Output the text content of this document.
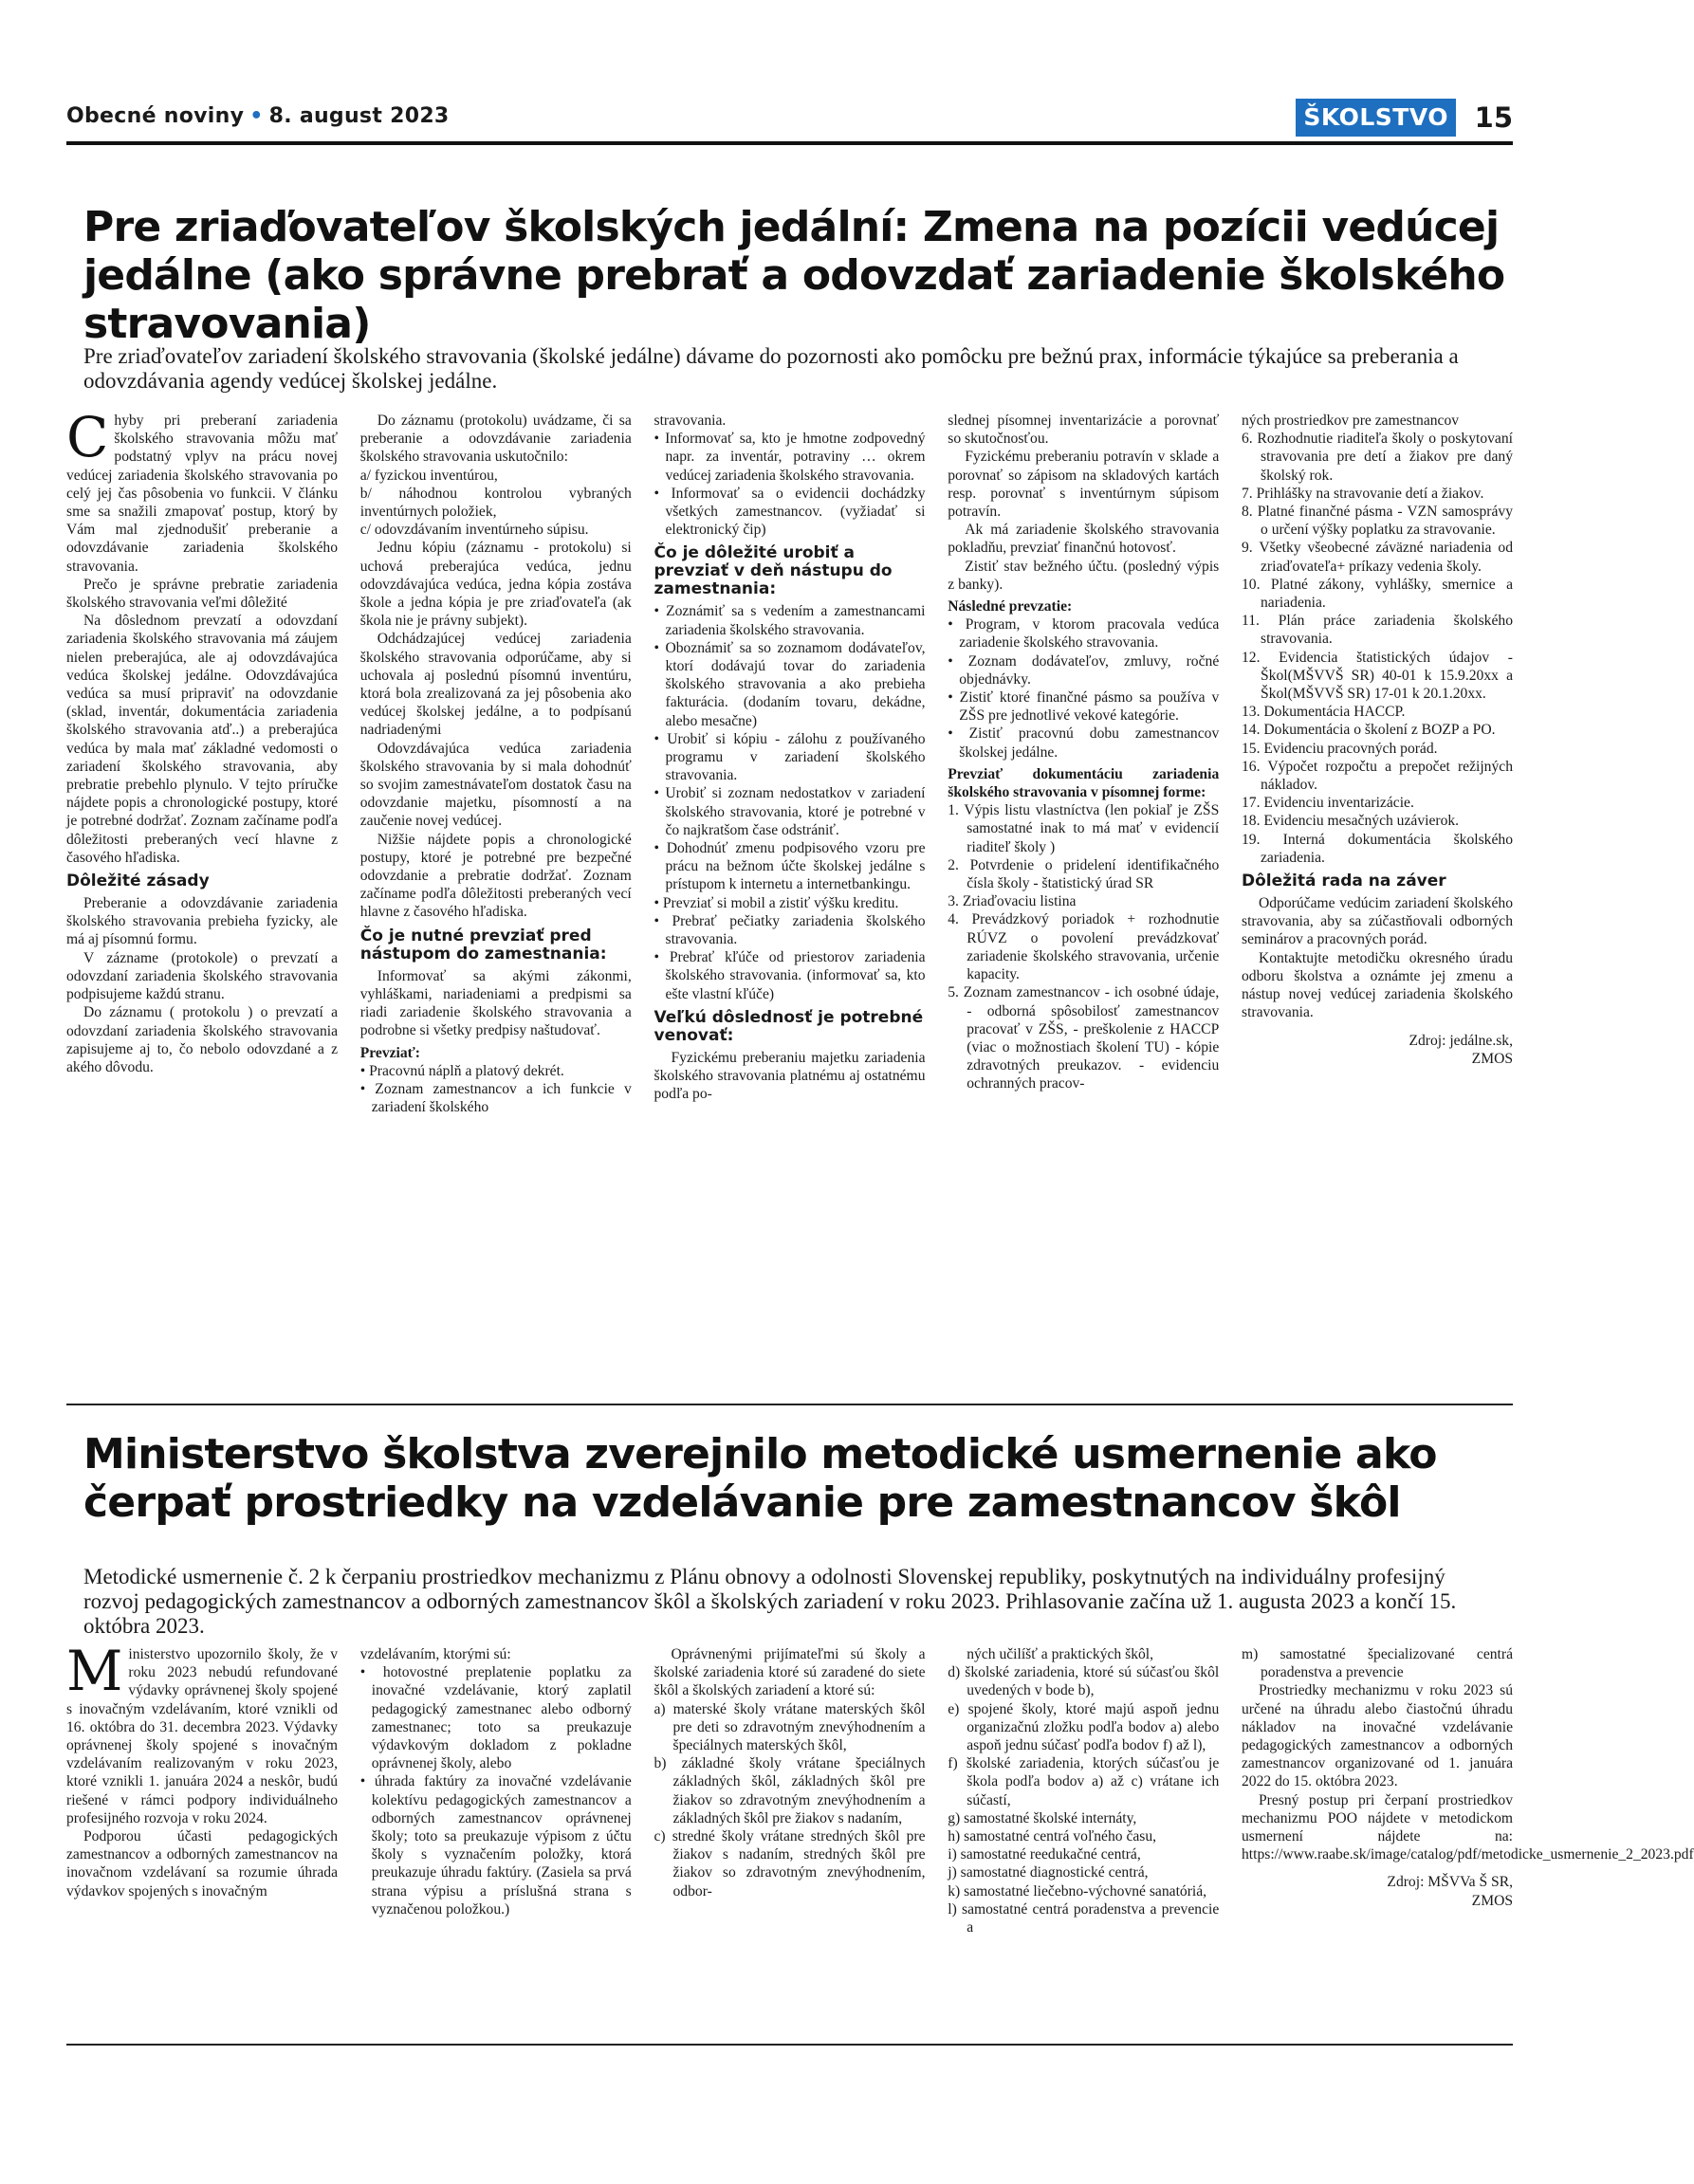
Obecné noviny • 8. august 2023	ŠKOLSTVO 15
Pre zriaďovateľov školských jedální: Zmena na pozícii vedúcej jedálne (ako správne prebrať a odovzdať zariadenie školského stravovania)

Pre zriaďovateľov zariadení školského stravovania (školské jedálne) dávame do pozornosti ako pomôcku pre bežnú prax, informácie týkajúce sa preberania a odovzdávania agendy vedúcej školskej jedálne.

Chyby pri preberaní zariadenia školského stravovania môžu mať podstatný vplyv na prácu novej vedúcej zariadenia školského stravovania po celý jej čas pôsobenia vo funkcii. V článku sme sa snažili zmapovať postup, ktorý by Vám mal zjednodušiť preberanie a odovzdávanie zariadenia školského stravovania.

Prečo je správne prebratie zariadenia školského stravovania veľmi dôležité

Na dôslednom prevzatí a odovzdaní zariadenia školského stravovania má záujem nielen preberajúca, ale aj odovzdávajúca vedúca školskej jedálne. Odovzdávajúca vedúca sa musí pripraviť na odovzdanie (sklad, inventár, dokumentácia zariadenia školského stravovania atď..) a preberajúca vedúca by mala mať základné vedomosti o zariadení školského stravovania, aby prebratie prebehlo plynulo. V tejto príručke nájdete popis a chronologické postupy, ktoré je potrebné dodržať. Zoznam začíname podľa dôležitosti preberaných vecí hlavne z časového hľadiska.

Dôležité zásady

Preberanie a odovzdávanie zariadenia školského stravovania prebieha fyzicky, ale má aj písomnú formu.

V zázname (protokole) o prevzatí a odovzdaní zariadenia školského stravovania podpisujeme každú stranu.

Do záznamu ( protokolu ) o prevzatí a odovzdaní zariadenia školského stravovania zapisujeme aj to, čo nebolo odovzdané a z akého dôvodu.

Do záznamu (protokolu) uvádzame, či sa preberanie a odovzdávanie zariadenia školského stravovania uskutočnilo:

a/ fyzickou inventúrou,

b/ náhodnou kontrolou vybraných inventúrnych položiek,

c/ odovzdávaním inventúrneho súpisu.

Jednu kópiu (záznamu - protokolu) si uchová preberajúca vedúca, jednu odovzdávajúca vedúca, jedna kópia zostáva škole a jedna kópia je pre zriaďovateľa (ak škola nie je právny subjekt).

Odchádzajúcej vedúcej zariadenia školského stravovania odporúčame, aby si uchovala aj poslednú písomnú inventúru, ktorá bola zrealizovaná za jej pôsobenia ako vedúcej školskej jedálne, a to podpísanú nadriadenými

Odovzdávajúca vedúca zariadenia školského stravovania by si mala dohodnúť so svojim zamestnávateľom dostatok času na odovzdanie majetku, písomností a na zaučenie novej vedúcej.

Nižšie nájdete popis a chronologické postupy, ktoré je potrebné pre bezpečné odovzdanie a prebratie dodržať. Zoznam začíname podľa dôležitosti preberaných vecí hlavne z časového hľadiska.

Čo je nutné prevziať pred nástupom do zamestnania:

Informovať sa akými zákonmi, vyhláškami, nariadeniami a predpismi sa riadi zariadenie školského stravovania a podrobne si všetky predpisy naštudovať.

Prevziať:

• Pracovnú náplň a platový dekrét.

• Zoznam zamestnancov a ich funkcie v zariadení školského

stravovania.

• Informovať sa, kto je hmotne zodpovedný napr. za inventár, potraviny … okrem vedúcej zariadenia školského stravovania.

• Informovať sa o evidencii dochádzky všetkých zamestnancov. (vyžiadať si elektronický čip)

Čo je dôležité urobiť a prevziať v deň nástupu do zamestnania:

• Zoznámiť sa s vedením a zamestnancami zariadenia školského stravovania.

• Oboznámiť sa so zoznamom dodávateľov, ktorí dodávajú tovar do zariadenia školského stravovania a ako prebieha fakturácia. (dodaním tovaru, dekádne, alebo mesačne)

• Urobiť si kópiu - zálohu z používaného programu v zariadení školského stravovania.

• Urobiť si zoznam nedostatkov v zariadení školského stravovania, ktoré je potrebné v čo najkratšom čase odstrániť.

• Dohodnúť zmenu podpisového vzoru pre prácu na bežnom účte školskej jedálne s prístupom k internetu a internetbankingu.

• Prevziať si mobil a zistiť výšku kreditu.

• Prebrať pečiatky zariadenia školského stravovania.

• Prebrať kľúče od priestorov zariadenia školského stravovania. (informovať sa, kto ešte vlastní kľúče)

Veľkú dôslednosť je potrebné venovať:

Fyzickému preberaniu majetku zariadenia školského stravovania platnému aj ostatnému podľa po-

slednej písomnej inventarizácie a porovnať so skutočnosťou.

Fyzickému preberaniu potravín v sklade a porovnať so zápisom na skladových kartách resp. porovnať s inventúrnym súpisom potravín.

Ak má zariadenie školského stravovania pokladňu, prevziať finančnú hotovosť.

Zistiť stav bežného účtu. (posledný výpis z banky).

Následné prevzatie:

• Program, v ktorom pracovala vedúca zariadenie školského stravovania.

• Zoznam dodávateľov, zmluvy, ročné objednávky.

• Zistiť ktoré finančné pásmo sa používa v ZŠS pre jednotlivé vekové kategórie.

• Zistiť pracovnú dobu zamestnancov školskej jedálne.

Prevziať dokumentáciu zariadenia školského stravovania v písomnej forme:

1. Výpis listu vlastníctva (len pokiaľ je ZŠS samostatné inak to má mať v evidencií riaditeľ školy )

2. Potvrdenie o pridelení identifikačného čísla školy - štatistický úrad SR

3. Zriaďovaciu listina

4. Prevádzkový poriadok + rozhodnutie RÚVZ o povolení prevádzkovať zariadenie školského stravovania, určenie kapacity.

5. Zoznam zamestnancov - ich osobné údaje, - odborná spôsobilosť zamestnancov pracovať v ZŠS, - preškolenie z HACCP (viac o možnostiach školení TU) - kópie zdravotných preukazov. - evidenciu ochranných pracov-

ných prostriedkov pre zamestnancov

6. Rozhodnutie riaditeľa školy o poskytovaní stravovania pre detí a žiakov pre daný školský rok.

7. Prihlášky na stravovanie detí a žiakov.

8. Platné finančné pásma - VZN samosprávy o určení výšky poplatku za stravovanie.

9. Všetky všeobecné záväzné nariadenia od zriaďovateľa+ príkazy vedenia školy.

10. Platné zákony, vyhlášky, smernice a nariadenia.

11. Plán práce zariadenia školského stravovania.

12. Evidencia štatistických údajov - Škol(MŠVVŠ SR) 40-01 k 15.9.20xx a Škol(MŠVVŠ SR) 17-01 k 20.1.20xx.

13. Dokumentácia HACCP.

14. Dokumentácia o školení z BOZP a PO.

15. Evidenciu pracovných porád.

16. Výpočet rozpočtu a prepočet režijných nákladov.

17. Evidenciu inventarizácie.

18. Evidenciu mesačných uzávierok.

19. Interná dokumentácia školského zariadenia.

Dôležitá rada na záver

Odporúčame vedúcim zariadení školského stravovania, aby sa zúčastňovali odborných seminárov a pracovných porád.

Kontaktujte metodičku okresného úradu odboru školstva a oznámte jej zmenu a nástup novej vedúcej zariadenia školského stravovania.

Zdroj: jedálne.sk,

ZMOS

Ministerstvo školstva zverejnilo metodické usmernenie ako čerpať prostriedky na vzdelávanie pre zamestnancov škôl

Metodické usmernenie č. 2 k čerpaniu prostriedkov mechanizmu z Plánu obnovy a odolnosti Slovenskej republiky, poskytnutých na individuálny profesijný rozvoj pedagogických zamestnancov a odborných zamestnancov škôl a školských zariadení v roku 2023. Prihlasovanie začína už 1. augusta 2023 a končí 15. októbra 2023.

Ministerstvo upozornilo školy, že v roku 2023 nebudú refundované výdavky oprávnenej školy spojené s inovačným vzdelávaním, ktoré vznikli od 16. októbra do 31. decembra 2023. Výdavky oprávnenej školy spojené s inovačným vzdelávaním realizovaným v roku 2023, ktoré vznikli 1. januára 2024 a neskôr, budú riešené v rámci podpory individuálneho profesijného rozvoja v roku 2024.

Podporou účasti pedagogických zamestnancov a odborných zamestnancov na inovačnom vzdelávaní sa rozumie úhrada výdavkov spojených s inovačným

vzdelávaním, ktorými sú:

• hotovostné preplatenie poplatku za inovačné vzdelávanie, ktorý zaplatil pedagogický zamestnanec alebo odborný zamestnanec; toto sa preukazuje výdavkovým dokladom z pokladne oprávnenej školy, alebo

• úhrada faktúry za inovačné vzdelávanie kolektívu pedagogických zamestnancov a odborných zamestnancov oprávnenej školy; toto sa preukazuje výpisom z účtu školy s vyznačením položky, ktorá preukazuje úhradu faktúry. (Zasiela sa prvá strana výpisu a príslušná strana s vyznačenou položkou.)

Oprávnenými prijímateľmi sú školy a školské zariadenia ktoré sú zaradené do siete škôl a školských zariadení a ktoré sú:

a) materské školy vrátane materských škôl pre deti so zdravotným znevýhodnením a špeciálnych materských škôl,

b) základné školy vrátane špeciálnych základných škôl, základných škôl pre žiakov so zdravotným znevýhodnením a základných škôl pre žiakov s nadaním,

c) stredné školy vrátane stredných škôl pre žiakov s nadaním, stredných škôl pre žiakov so zdravotným znevýhodnením, odbor-

ných učilíšť a praktických škôl,

d) školské zariadenia, ktoré sú súčasťou škôl uvedených v bode b),

e) spojené školy, ktoré majú aspoň jednu organizačnú zložku podľa bodov a) alebo aspoň jednu súčasť podľa bodov f) až l),

f) školské zariadenia, ktorých súčasťou je škola podľa bodov a) až c) vrátane ich súčastí,

g) samostatné školské internáty,

h) samostatné centrá voľného času,

i) samostatné reedukačné centrá,

j) samostatné diagnostické centrá,

k) samostatné liečebno-výchovné sanatóriá,

l) samostatné centrá poradenstva a prevencie a

m) samostatné špecializované centrá poradenstva a prevencie

Prostriedky mechanizmu v roku 2023 sú určené na úhradu alebo čiastočnú úhradu nákladov na inovačné vzdelávanie pedagogických zamestnancov a odborných zamestnancov organizované od 1. januára 2022 do 15. októbra 2023.

Presný postup pri čerpaní prostriedkov mechanizmu POO nájdete v metodickom usmernení nájdete na: https://www.raabe.sk/image/catalog/pdf/metodicke_usmernenie_2_2023.pdf

Zdroj: MŠVVa Š SR,

ZMOS
